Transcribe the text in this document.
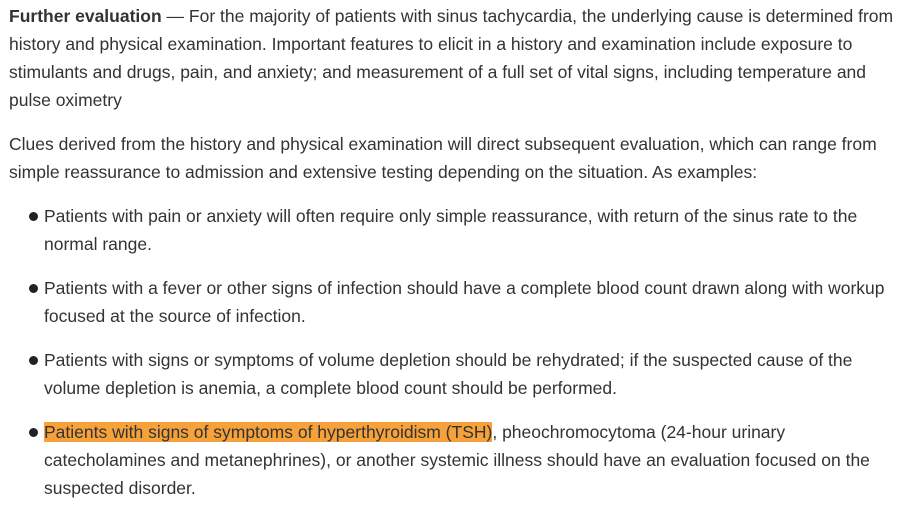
Further evaluation — For the majority of patients with sinus tachycardia, the underlying cause is determined from history and physical examination. Important features to elicit in a history and examination include exposure to stimulants and drugs, pain, and anxiety; and measurement of a full set of vital signs, including temperature and pulse oximetry

Clues derived from the history and physical examination will direct subsequent evaluation, which can range from simple reassurance to admission and extensive testing depending on the situation. As examples:

Patients with pain or anxiety will often require only simple reassurance, with return of the sinus rate to the normal range.
Patients with a fever or other signs of infection should have a complete blood count drawn along with workup focused at the source of infection.
Patients with signs or symptoms of volume depletion should be rehydrated; if the suspected cause of the volume depletion is anemia, a complete blood count should be performed.
Patients with signs of symptoms of hyperthyroidism (TSH), pheochromocytoma (24-hour urinary catecholamines and metanephrines), or another systemic illness should have an evaluation focused on the suspected disorder.
